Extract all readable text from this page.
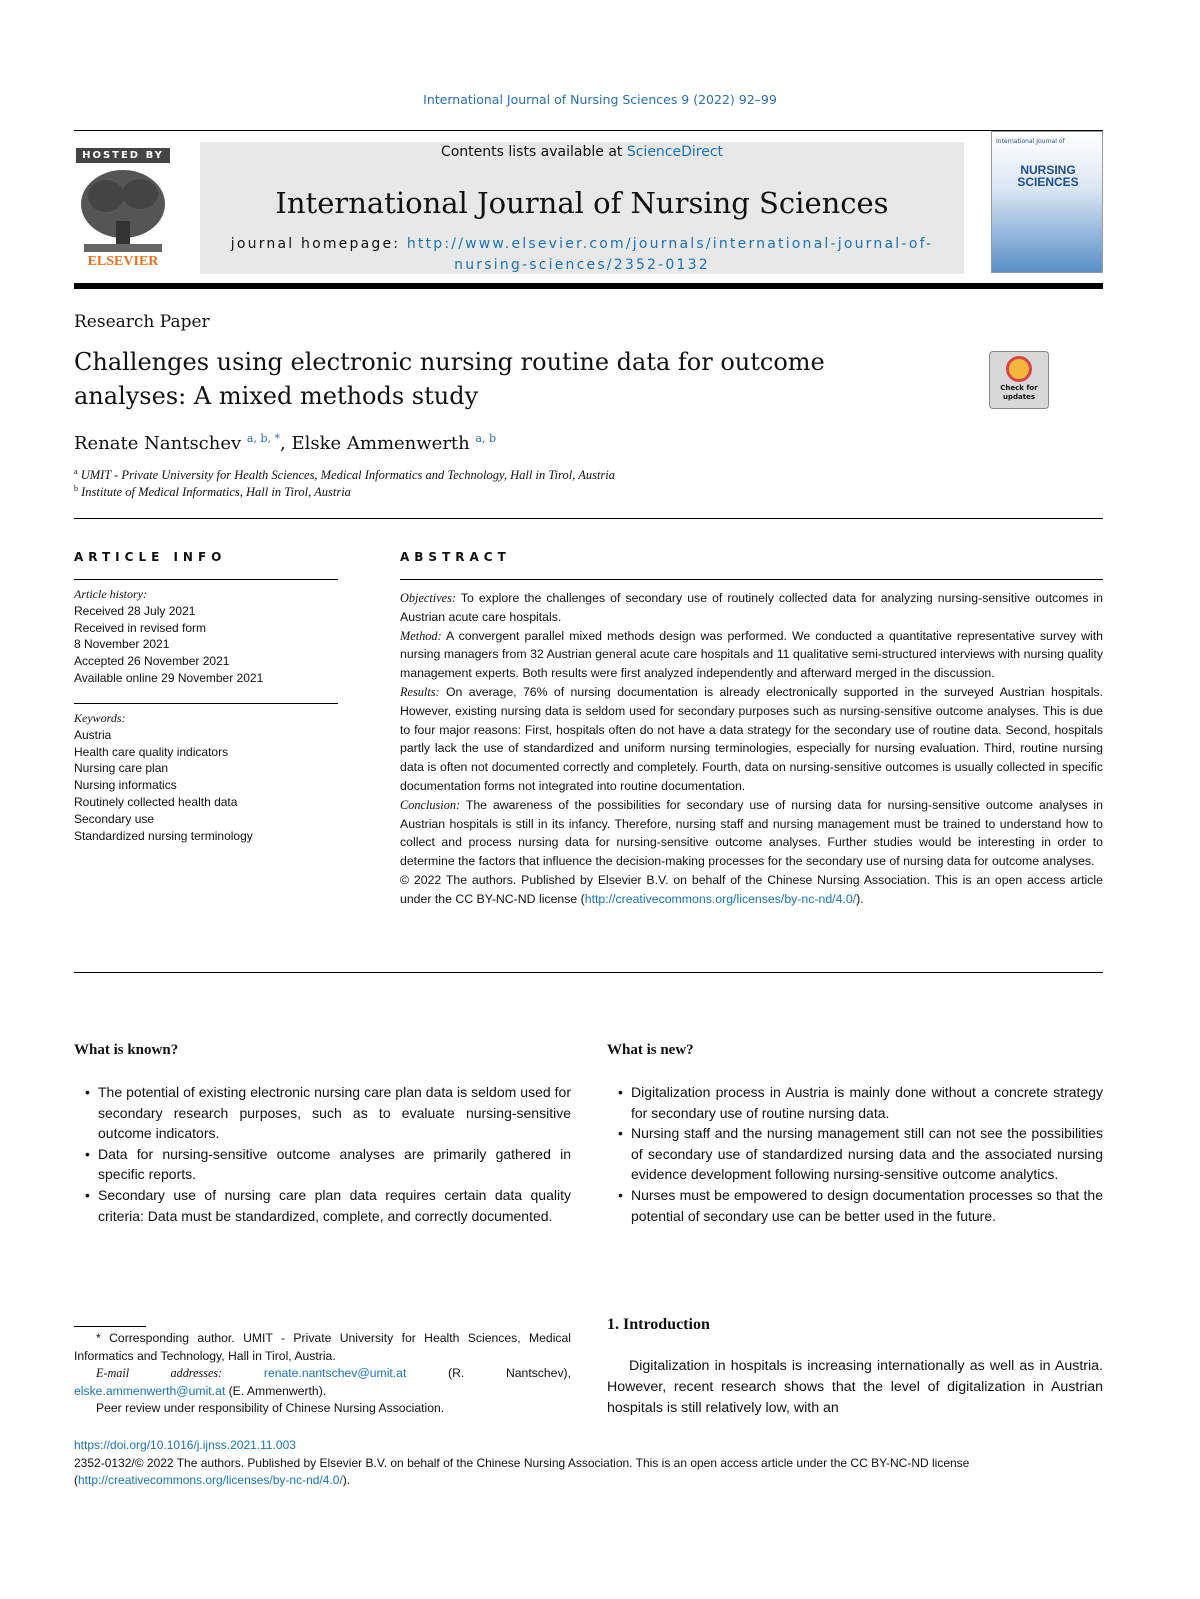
International Journal of Nursing Sciences 9 (2022) 92–99
HOSTED BY
ELSEVIER
Contents lists available at ScienceDirect
International Journal of Nursing Sciences
journal homepage: http://www.elsevier.com/journals/international-journal-of-
nursing-sciences/2352-0132
International Journal of
NURSING
SCIENCES
Research Paper
Challenges using electronic nursing routine data for outcome
analyses: A mixed methods study	Check for updates
Renate Nantschev $^{a, b, *}$, Elske Ammenwerth $^{a, b}$
$^a$ UMIT - Private University for Health Sciences, Medical Informatics and Technology, Hall in Tirol, Austria
$^b$ Institute of Medical Informatics, Hall in Tirol, Austria
ARTICLE INFO
Article history:
Received 28 July 2021
Received in revised form
8 November 2021
Accepted 26 November 2021
Available online 29 November 2021
Keywords:
Austria
Health care quality indicators
Nursing care plan
Nursing informatics
Routinely collected health data
Secondary use
Standardized nursing terminology
ABSTRACT
Objectives: To explore the challenges of secondary use of routinely collected data for analyzing nursing-sensitive outcomes in Austrian acute care hospitals.
Method: A convergent parallel mixed methods design was performed. We conducted a quantitative representative survey with nursing managers from 32 Austrian general acute care hospitals and 11 qualitative semi-structured interviews with nursing quality management experts. Both results were first analyzed independently and afterward merged in the discussion.
Results: On average, 76% of nursing documentation is already electronically supported in the surveyed Austrian hospitals. However, existing nursing data is seldom used for secondary purposes such as nursing-sensitive outcome analyses. This is due to four major reasons: First, hospitals often do not have a data strategy for the secondary use of routine data. Second, hospitals partly lack the use of standardized and uniform nursing terminologies, especially for nursing evaluation. Third, routine nursing data is often not documented correctly and completely. Fourth, data on nursing-sensitive outcomes is usually collected in specific documentation forms not integrated into routine documentation.
Conclusion: The awareness of the possibilities for secondary use of nursing data for nursing-sensitive outcome analyses in Austrian hospitals is still in its infancy. Therefore, nursing staff and nursing management must be trained to understand how to collect and process nursing data for nursing-sensitive outcome analyses. Further studies would be interesting in order to determine the factors that influence the decision-making processes for the secondary use of nursing data for outcome analyses.
© 2022 The authors. Published by Elsevier B.V. on behalf of the Chinese Nursing Association. This is an open access article under the CC BY-NC-ND license (http://creativecommons.org/licenses/by-nc-nd/4.0/).
What is known?
• The potential of existing electronic nursing care plan data is seldom used for secondary research purposes, such as to evaluate nursing-sensitive outcome indicators.
• Data for nursing-sensitive outcome analyses are primarily gathered in specific reports.
• Secondary use of nursing care plan data requires certain data quality criteria: Data must be standardized, complete, and correctly documented.
What is new?
• Digitalization process in Austria is mainly done without a concrete strategy for secondary use of routine nursing data.
• Nursing staff and the nursing management still can not see the possibilities of secondary use of standardized nursing data and the associated nursing evidence development following nursing-sensitive outcome analytics.
• Nurses must be empowered to design documentation processes so that the potential of secondary use can be better used in the future.
* Corresponding author. UMIT - Private University for Health Sciences, Medical Informatics and Technology, Hall in Tirol, Austria.
E-mail addresses:	renate.nantschev@umit.at (R. Nantschev), elske.ammenwerth@umit.at (E. Ammenwerth).
Peer review under responsibility of Chinese Nursing Association.
1. Introduction
Digitalization in hospitals is increasing internationally as well as in Austria. However, recent research shows that the level of digitalization in Austrian hospitals is still relatively low, with an
https://doi.org/10.1016/j.ijnss.2021.11.003
2352-0132/© 2022 The authors. Published by Elsevier B.V. on behalf of the Chinese Nursing Association. This is an open access article under the CC BY-NC-ND license (http://creativecommons.org/licenses/by-nc-nd/4.0/).
